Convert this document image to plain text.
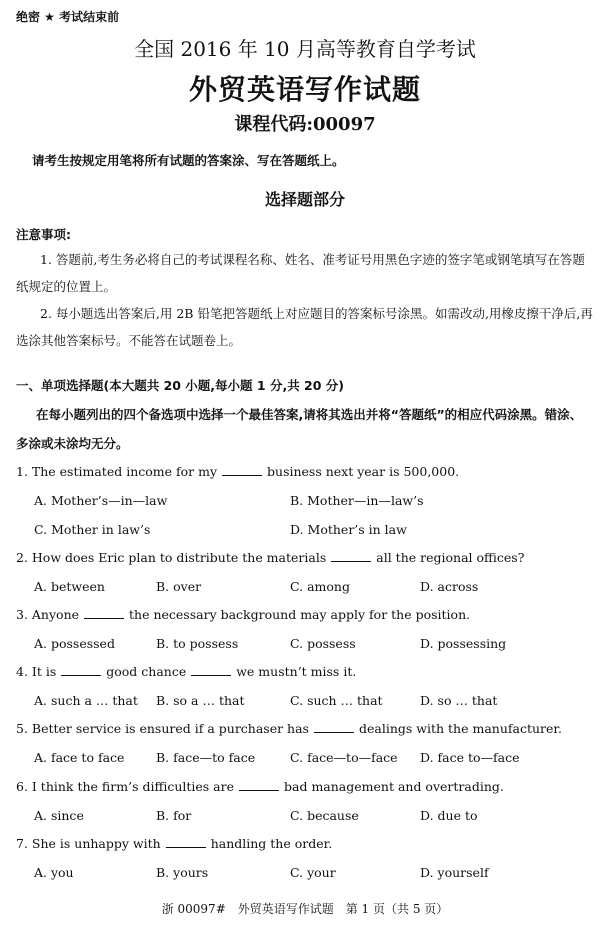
绝密 ★ 考试结束前
全国 2016 年 10 月高等教育自学考试
外贸英语写作试题
课程代码:00097
请考生按规定用笔将所有试题的答案涂、写在答题纸上。
选择题部分
注意事项:
1. 答题前,考生务必将自己的考试课程名称、姓名、准考证号用黑色字迹的签字笔或钢笔填写在答题纸规定的位置上。
2. 每小题选出答案后,用 2B 铅笔把答题纸上对应题目的答案标号涂黑。如需改动,用橡皮擦干净后,再选涂其他答案标号。不能答在试题卷上。
一、单项选择题(本大题共 20 小题,每小题 1 分,共 20 分)
在每小题列出的四个备选项中选择一个最佳答案,请将其选出并将“答题纸”的相应代码涂黑。错涂、多涂或未涂均无分。
1. The estimated income for my	business next year is 500,000.
A. Mother’s—in—law	B. Mother—in—law’s
C. Mother in law’s	D. Mother’s in law
2. How does Eric plan to distribute the materials	all the regional offices?
A. between	B. over	C. among	D. across
3. Anyone	the necessary background may apply for the position.
A. possessed	B. to possess	C. possess	D. possessing
4. It is	good chance	we mustn’t miss it.
A. such a … that B. so a … that	C. such … that	D. so … that
5. Better service is ensured if a purchaser has	dealings with the manufacturer.
A. face to face	B. face—to face	C. face—to—face D. face to—face
6. I think the firm’s difficulties are	bad management and overtrading.
A. since	B. for	C. because	D. due to
7. She is unhappy with	handling the order.
A. you	B. yours	C. your	D. yourself
浙 00097#　外贸英语写作试题　第 1 页（共 5 页）
